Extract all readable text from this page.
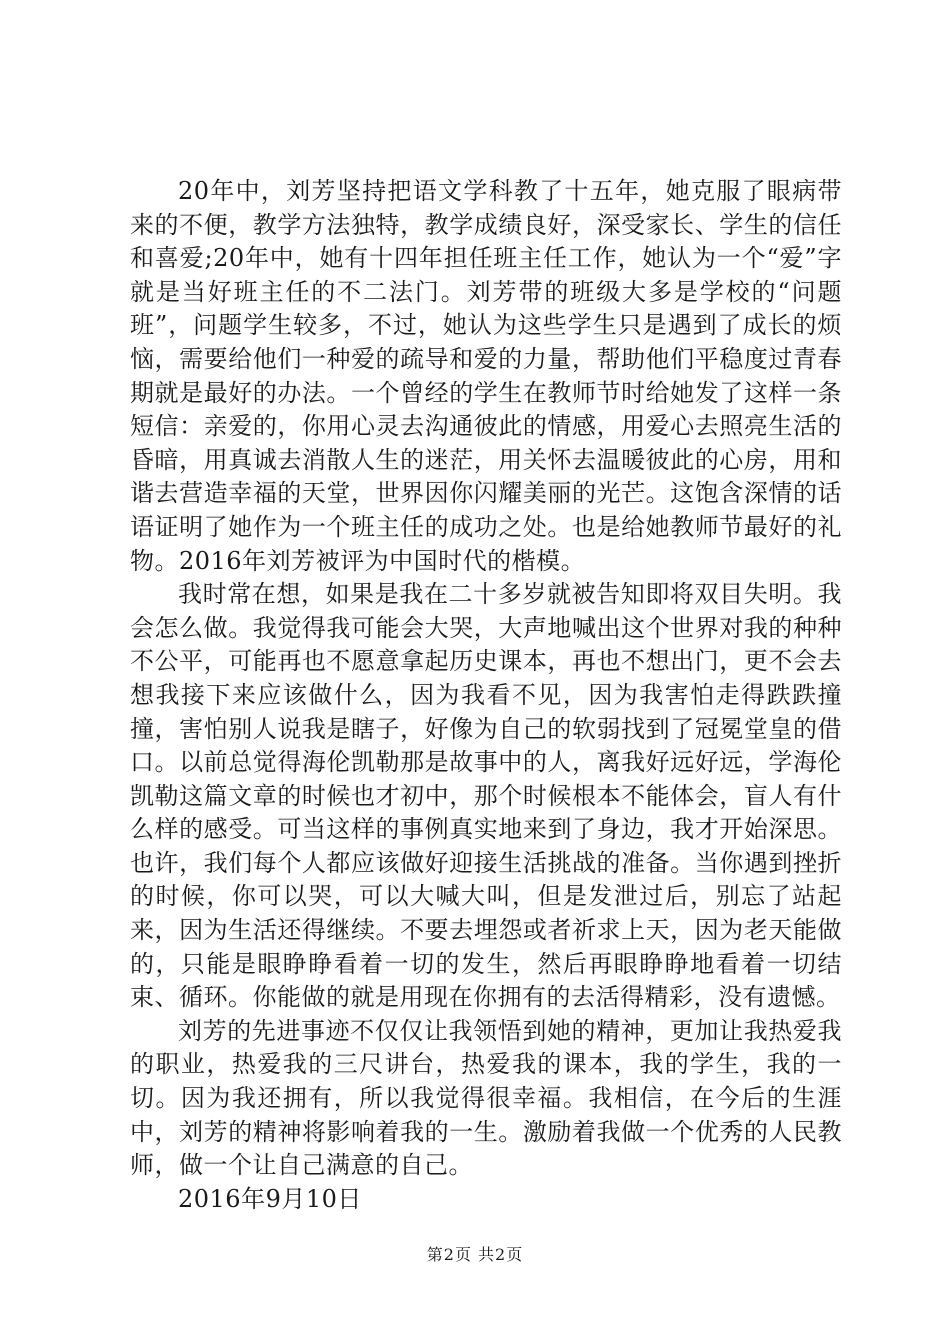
20年中，刘芳坚持把语文学科教了十五年，她克服了眼病带来的不便，教学方法独特，教学成绩良好，深受家长、学生的信任和喜爱;20年中，她有十四年担任班主任工作，她认为一个“爱”字就是当好班主任的不二法门。刘芳带的班级大多是学校的“问题班”，问题学生较多，不过，她认为这些学生只是遇到了成长的烦恼，需要给他们一种爱的疏导和爱的力量，帮助他们平稳度过青春期就是最好的办法。一个曾经的学生在教师节时给她发了这样一条短信：亲爱的，你用心灵去沟通彼此的情感，用爱心去照亮生活的昏暗，用真诚去消散人生的迷茫，用关怀去温暖彼此的心房，用和谐去营造幸福的天堂，世界因你闪耀美丽的光芒。这饱含深情的话语证明了她作为一个班主任的成功之处。也是给她教师节最好的礼物。2016年刘芳被评为中国时代的楷模。

我时常在想，如果是我在二十多岁就被告知即将双目失明。我会怎么做。我觉得我可能会大哭，大声地喊出这个世界对我的种种不公平，可能再也不愿意拿起历史课本，再也不想出门，更不会去想我接下来应该做什么，因为我看不见，因为我害怕走得跌跌撞撞，害怕别人说我是瞎子，好像为自己的软弱找到了冠冕堂皇的借口。以前总觉得海伦凯勒那是故事中的人，离我好远好远，学海伦凯勒这篇文章的时候也才初中，那个时候根本不能体会，盲人有什么样的感受。可当这样的事例真实地来到了身边，我才开始深思。也许，我们每个人都应该做好迎接生活挑战的准备。当你遇到挫折的时候，你可以哭，可以大喊大叫，但是发泄过后，别忘了站起来，因为生活还得继续。不要去埋怨或者祈求上天，因为老天能做的，只能是眼睁睁看着一切的发生，然后再眼睁睁地看着一切结束、循环。你能做的就是用现在你拥有的去活得精彩，没有遗憾。

刘芳的先进事迹不仅仅让我领悟到她的精神，更加让我热爱我的职业，热爱我的三尺讲台，热爱我的课本，我的学生，我的一切。因为我还拥有，所以我觉得很幸福。我相信，在今后的生涯中，刘芳的精神将影响着我的一生。激励着我做一个优秀的人民教师，做一个让自己满意的自己。

2016年9月10日

第2页 共2页
